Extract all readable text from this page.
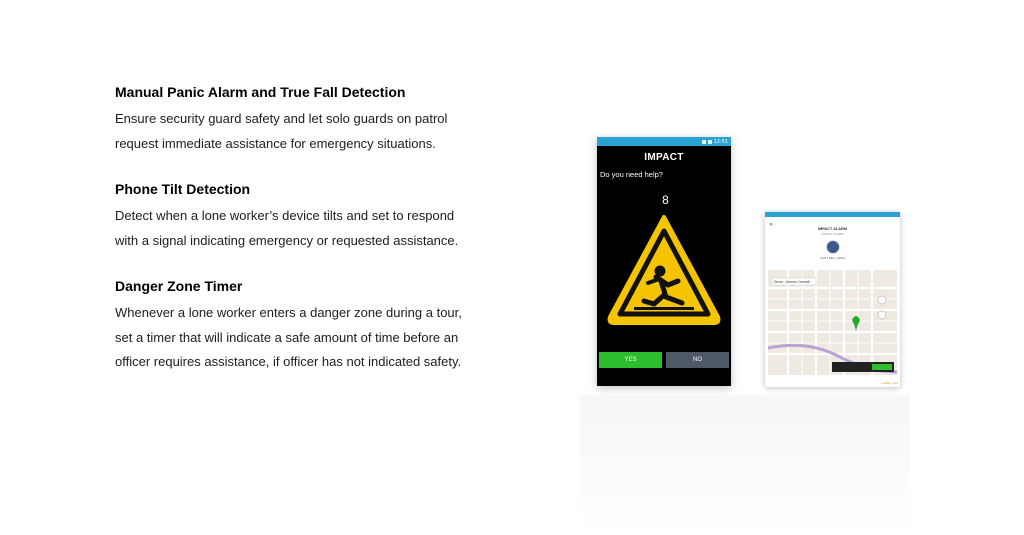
Manual Panic Alarm and True Fall Detection

Ensure security guard safety and let solo guards on patrol request immediate assistance for emergency situations.

Phone Tilt Detection

Detect when a lone worker’s device tilts and set to respond with a signal indicating emergency or requested assistance.

Danger Zone Timer

Whenever a lone worker enters a danger zone during a tour, set a timer that will indicate a safe amount of time before an officer requires assistance, if officer has not indicated safety.

12:51
IMPACT
Do you need help?
8
YES	NO
✕
IMPACT ALARM
IMPACT ALARM
CURT BELL ARNA
Devon - Avenue Cornwell
Leaflet | Esri
